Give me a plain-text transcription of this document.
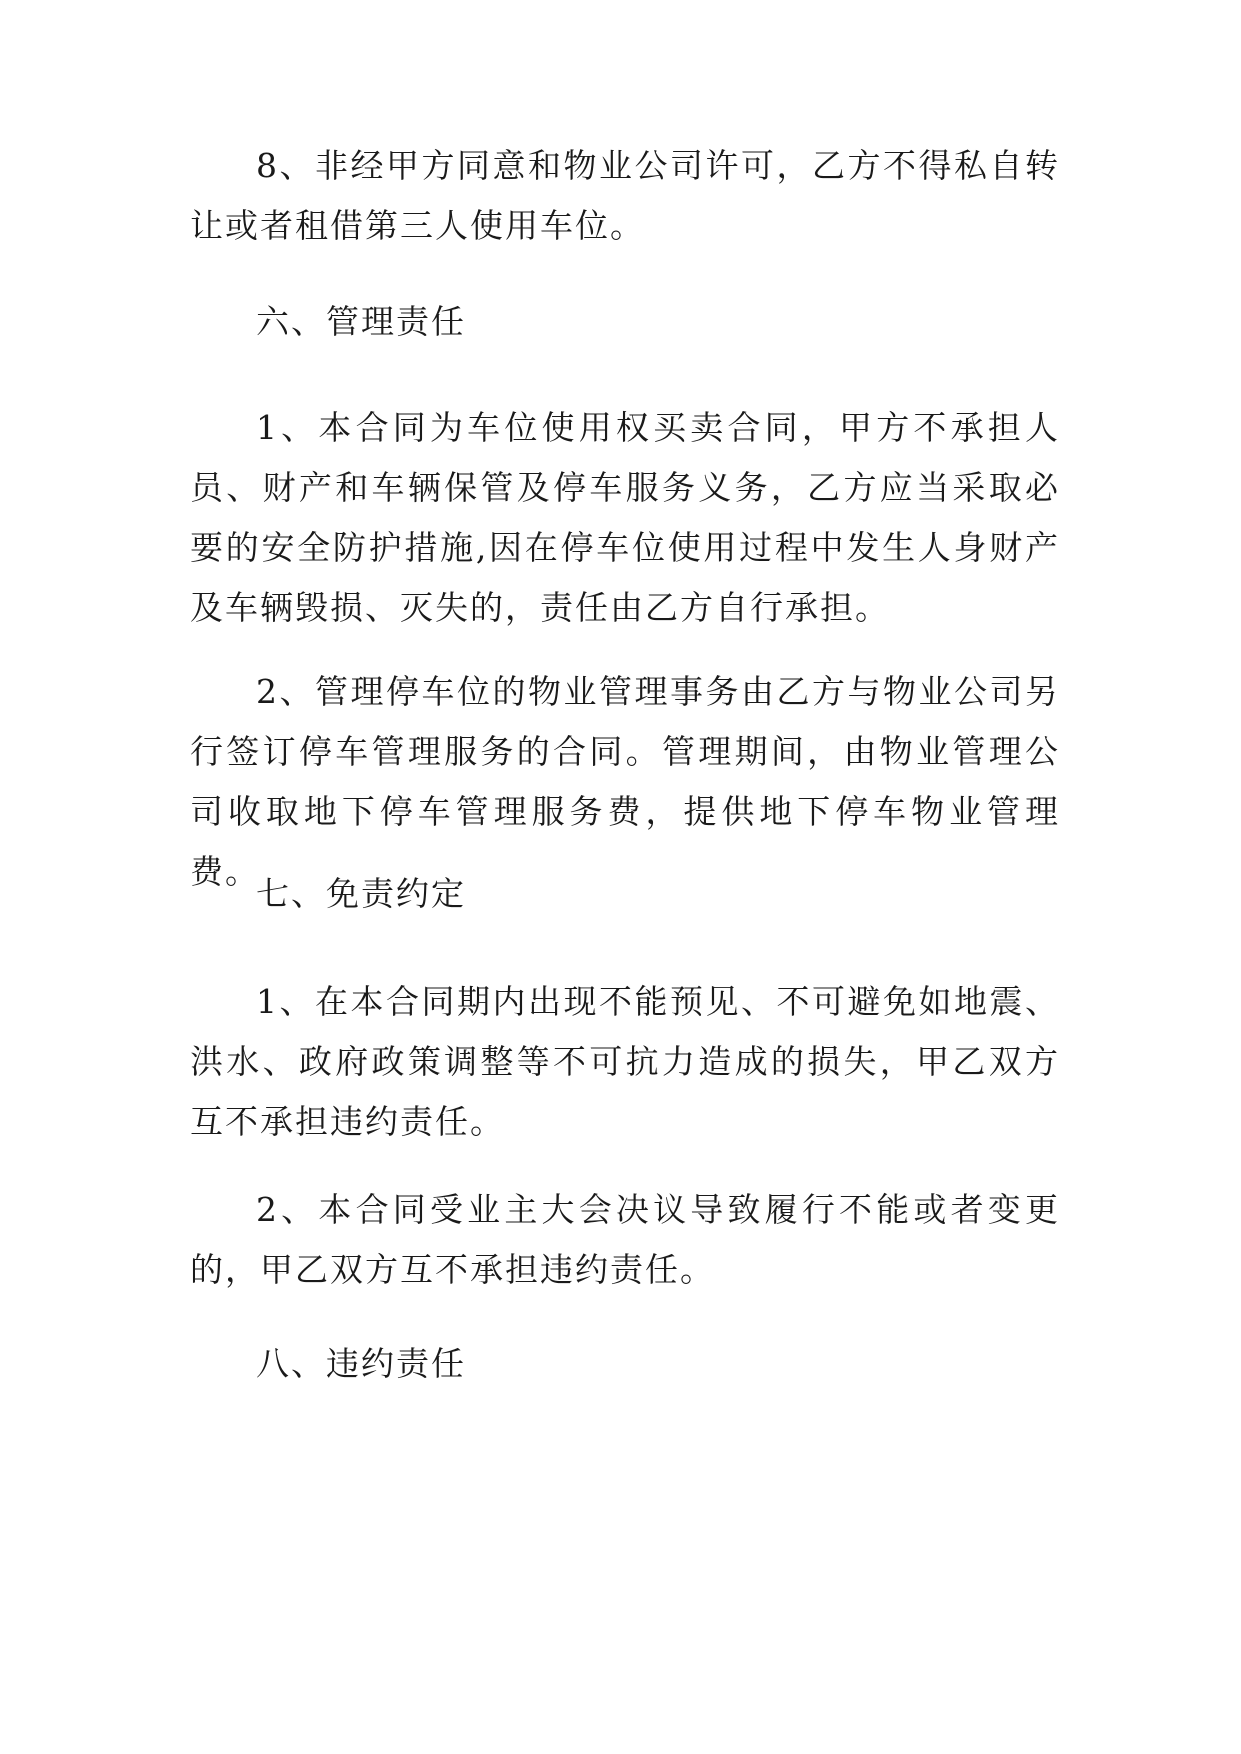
8、非经甲方同意和物业公司许可，乙方不得私自转让或者租借第三人使用车位。

六、管理责任

1、本合同为车位使用权买卖合同，甲方不承担人员、财产和车辆保管及停车服务义务，乙方应当采取必要的安全防护措施,因在停车位使用过程中发生人身财产及车辆毁损、灭失的，责任由乙方自行承担。

2、管理停车位的物业管理事务由乙方与物业公司另行签订停车管理服务的合同。管理期间，由物业管理公司收取地下停车管理服务费，提供地下停车物业管理费。

七、免责约定

1、在本合同期内出现不能预见、不可避免如地震、洪水、政府政策调整等不可抗力造成的损失，甲乙双方互不承担违约责任。

2、本合同受业主大会决议导致履行不能或者变更的，甲乙双方互不承担违约责任。

八、违约责任
